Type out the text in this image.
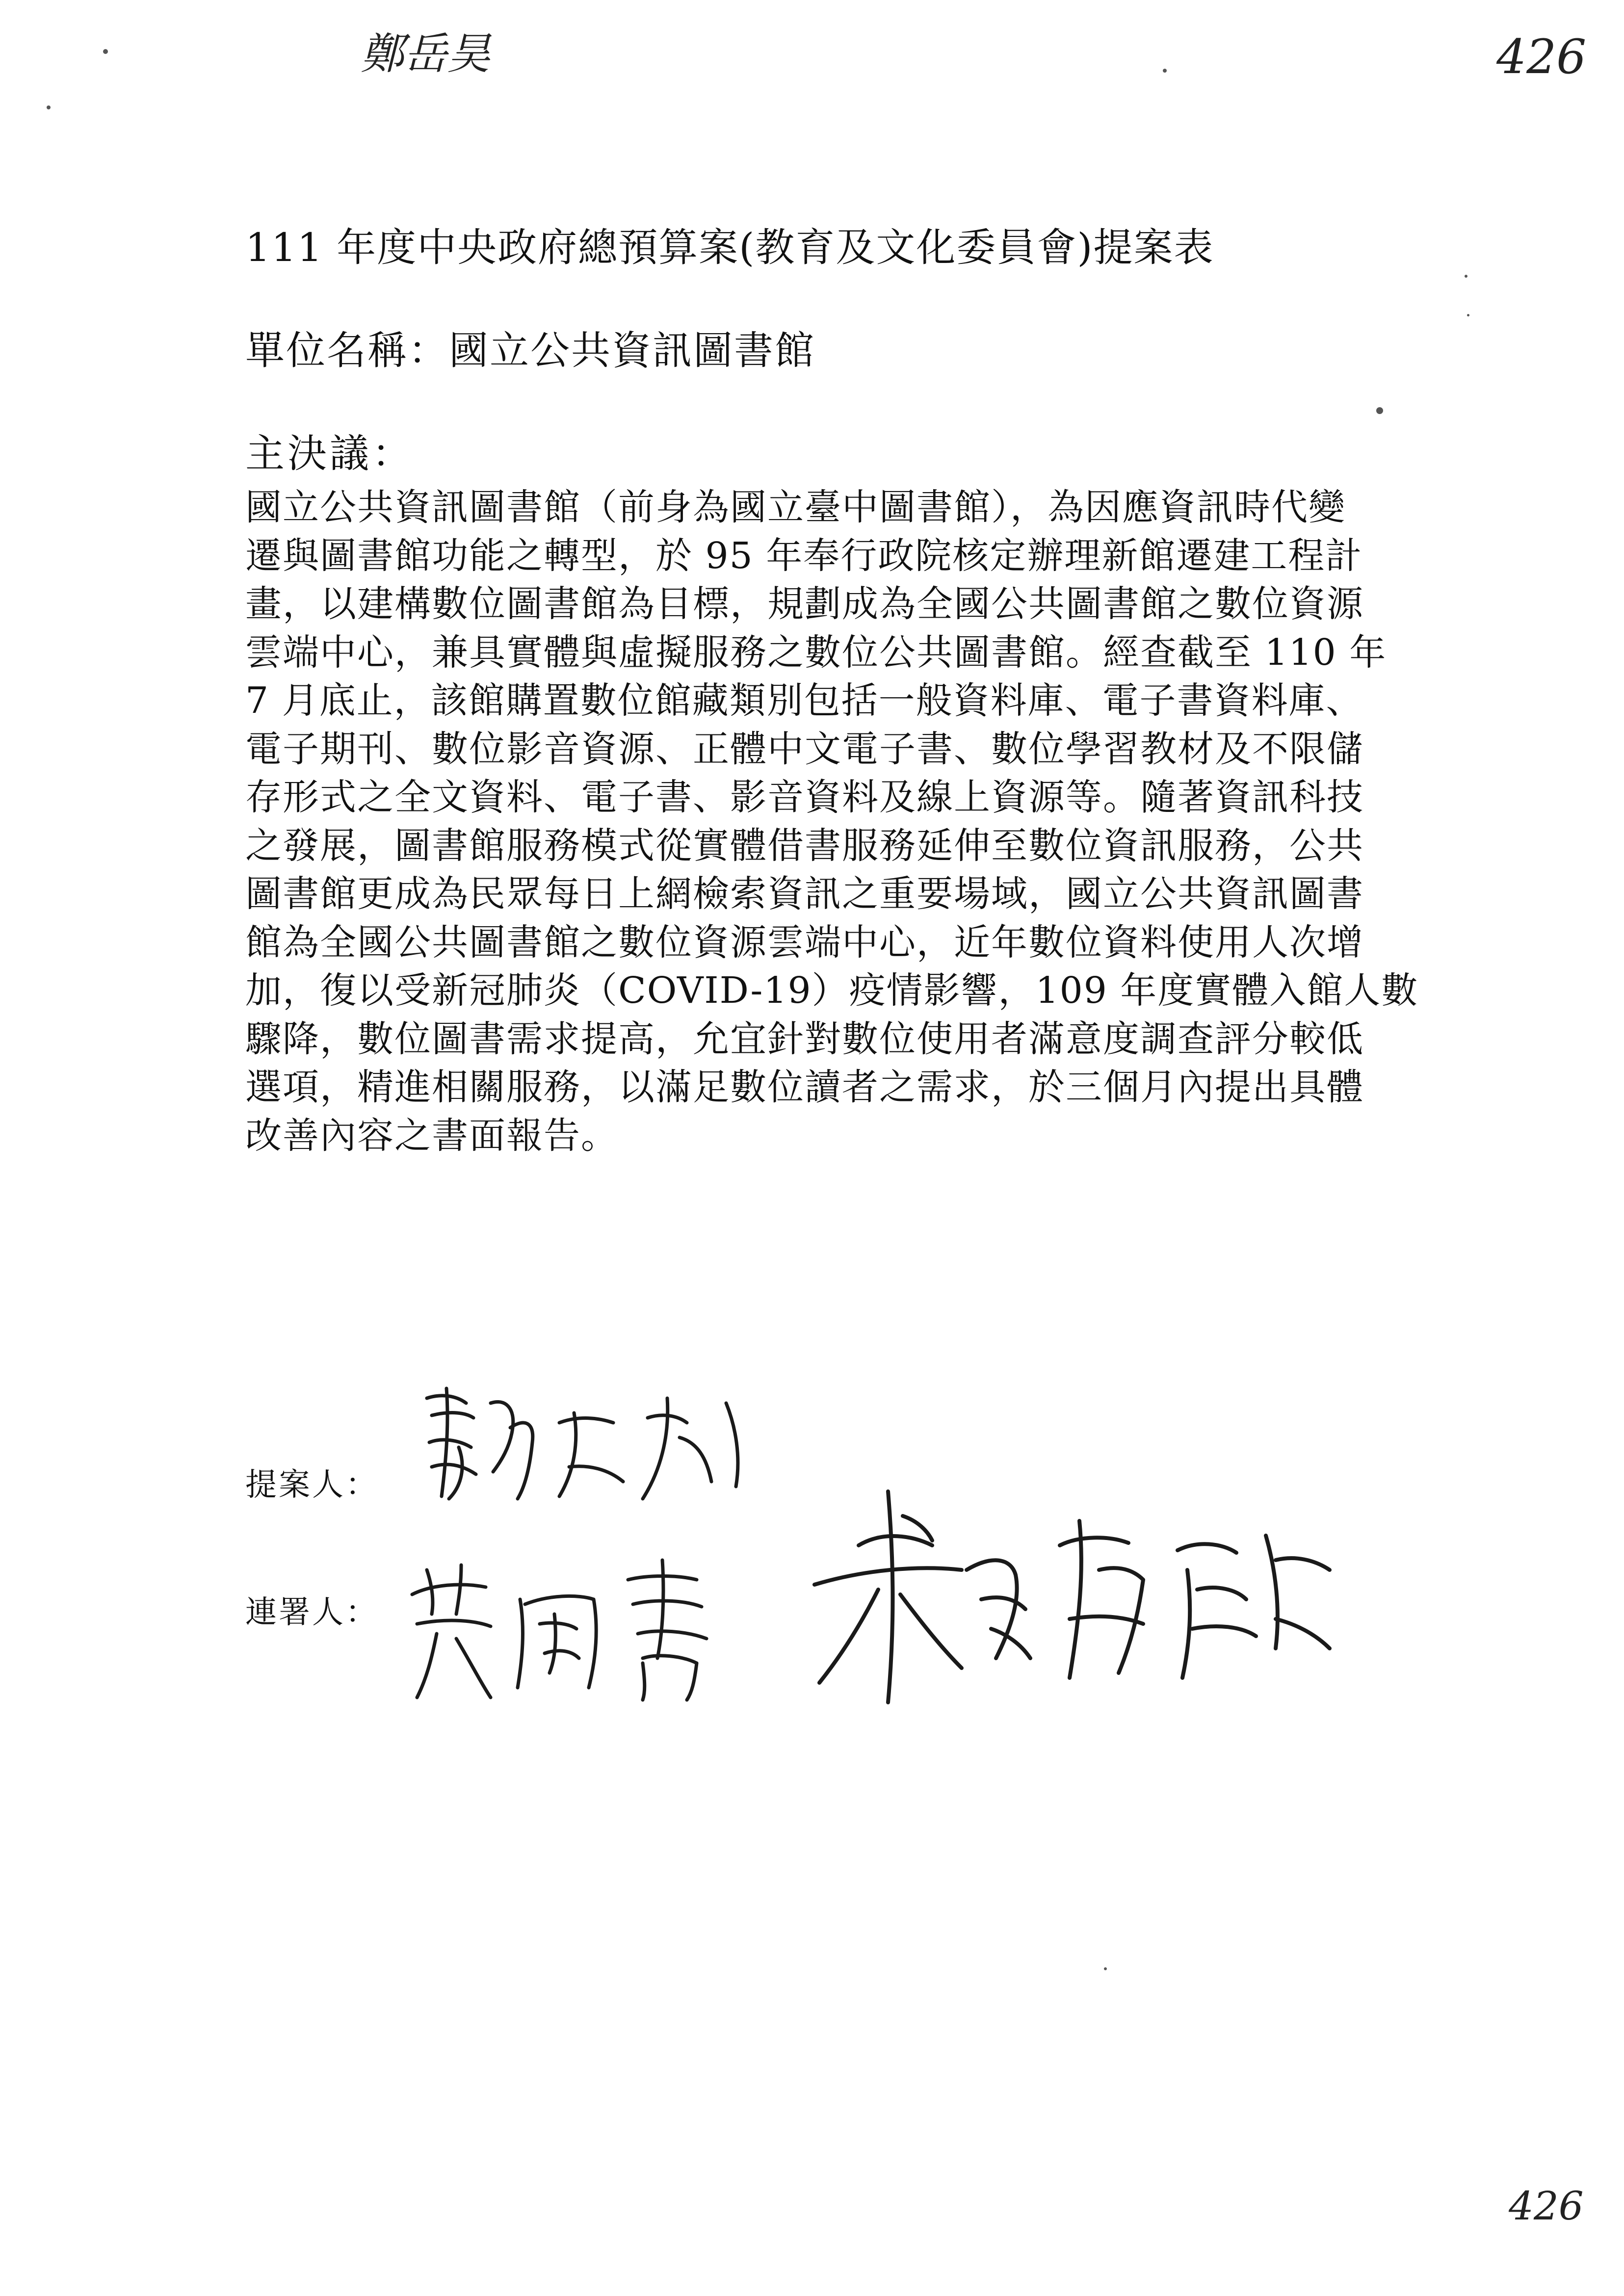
鄭岳昊	426
426
111 年度中央政府總預算案(教育及文化委員會)提案表
單位名稱：國立公共資訊圖書館
主決議：
國立公共資訊圖書館（前身為國立臺中圖書館），為因應資訊時代變
遷與圖書館功能之轉型，於 95 年奉行政院核定辦理新館遷建工程計
畫，以建構數位圖書館為目標，規劃成為全國公共圖書館之數位資源
雲端中心，兼具實體與虛擬服務之數位公共圖書館。經查截至 110 年
7 月底止，該館購置數位館藏類別包括一般資料庫、電子書資料庫、
電子期刊、數位影音資源、正體中文電子書、數位學習教材及不限儲
存形式之全文資料、電子書、影音資料及線上資源等。隨著資訊科技
之發展，圖書館服務模式從實體借書服務延伸至數位資訊服務，公共
圖書館更成為民眾每日上網檢索資訊之重要場域，國立公共資訊圖書
館為全國公共圖書館之數位資源雲端中心，近年數位資料使用人次增
加，復以受新冠肺炎（COVID-19）疫情影響，109 年度實體入館人數
驟降，數位圖書需求提高，允宜針對數位使用者滿意度調查評分較低
選項，精進相關服務，以滿足數位讀者之需求，於三個月內提出具體
改善內容之書面報告。
提案人：
連署人：
